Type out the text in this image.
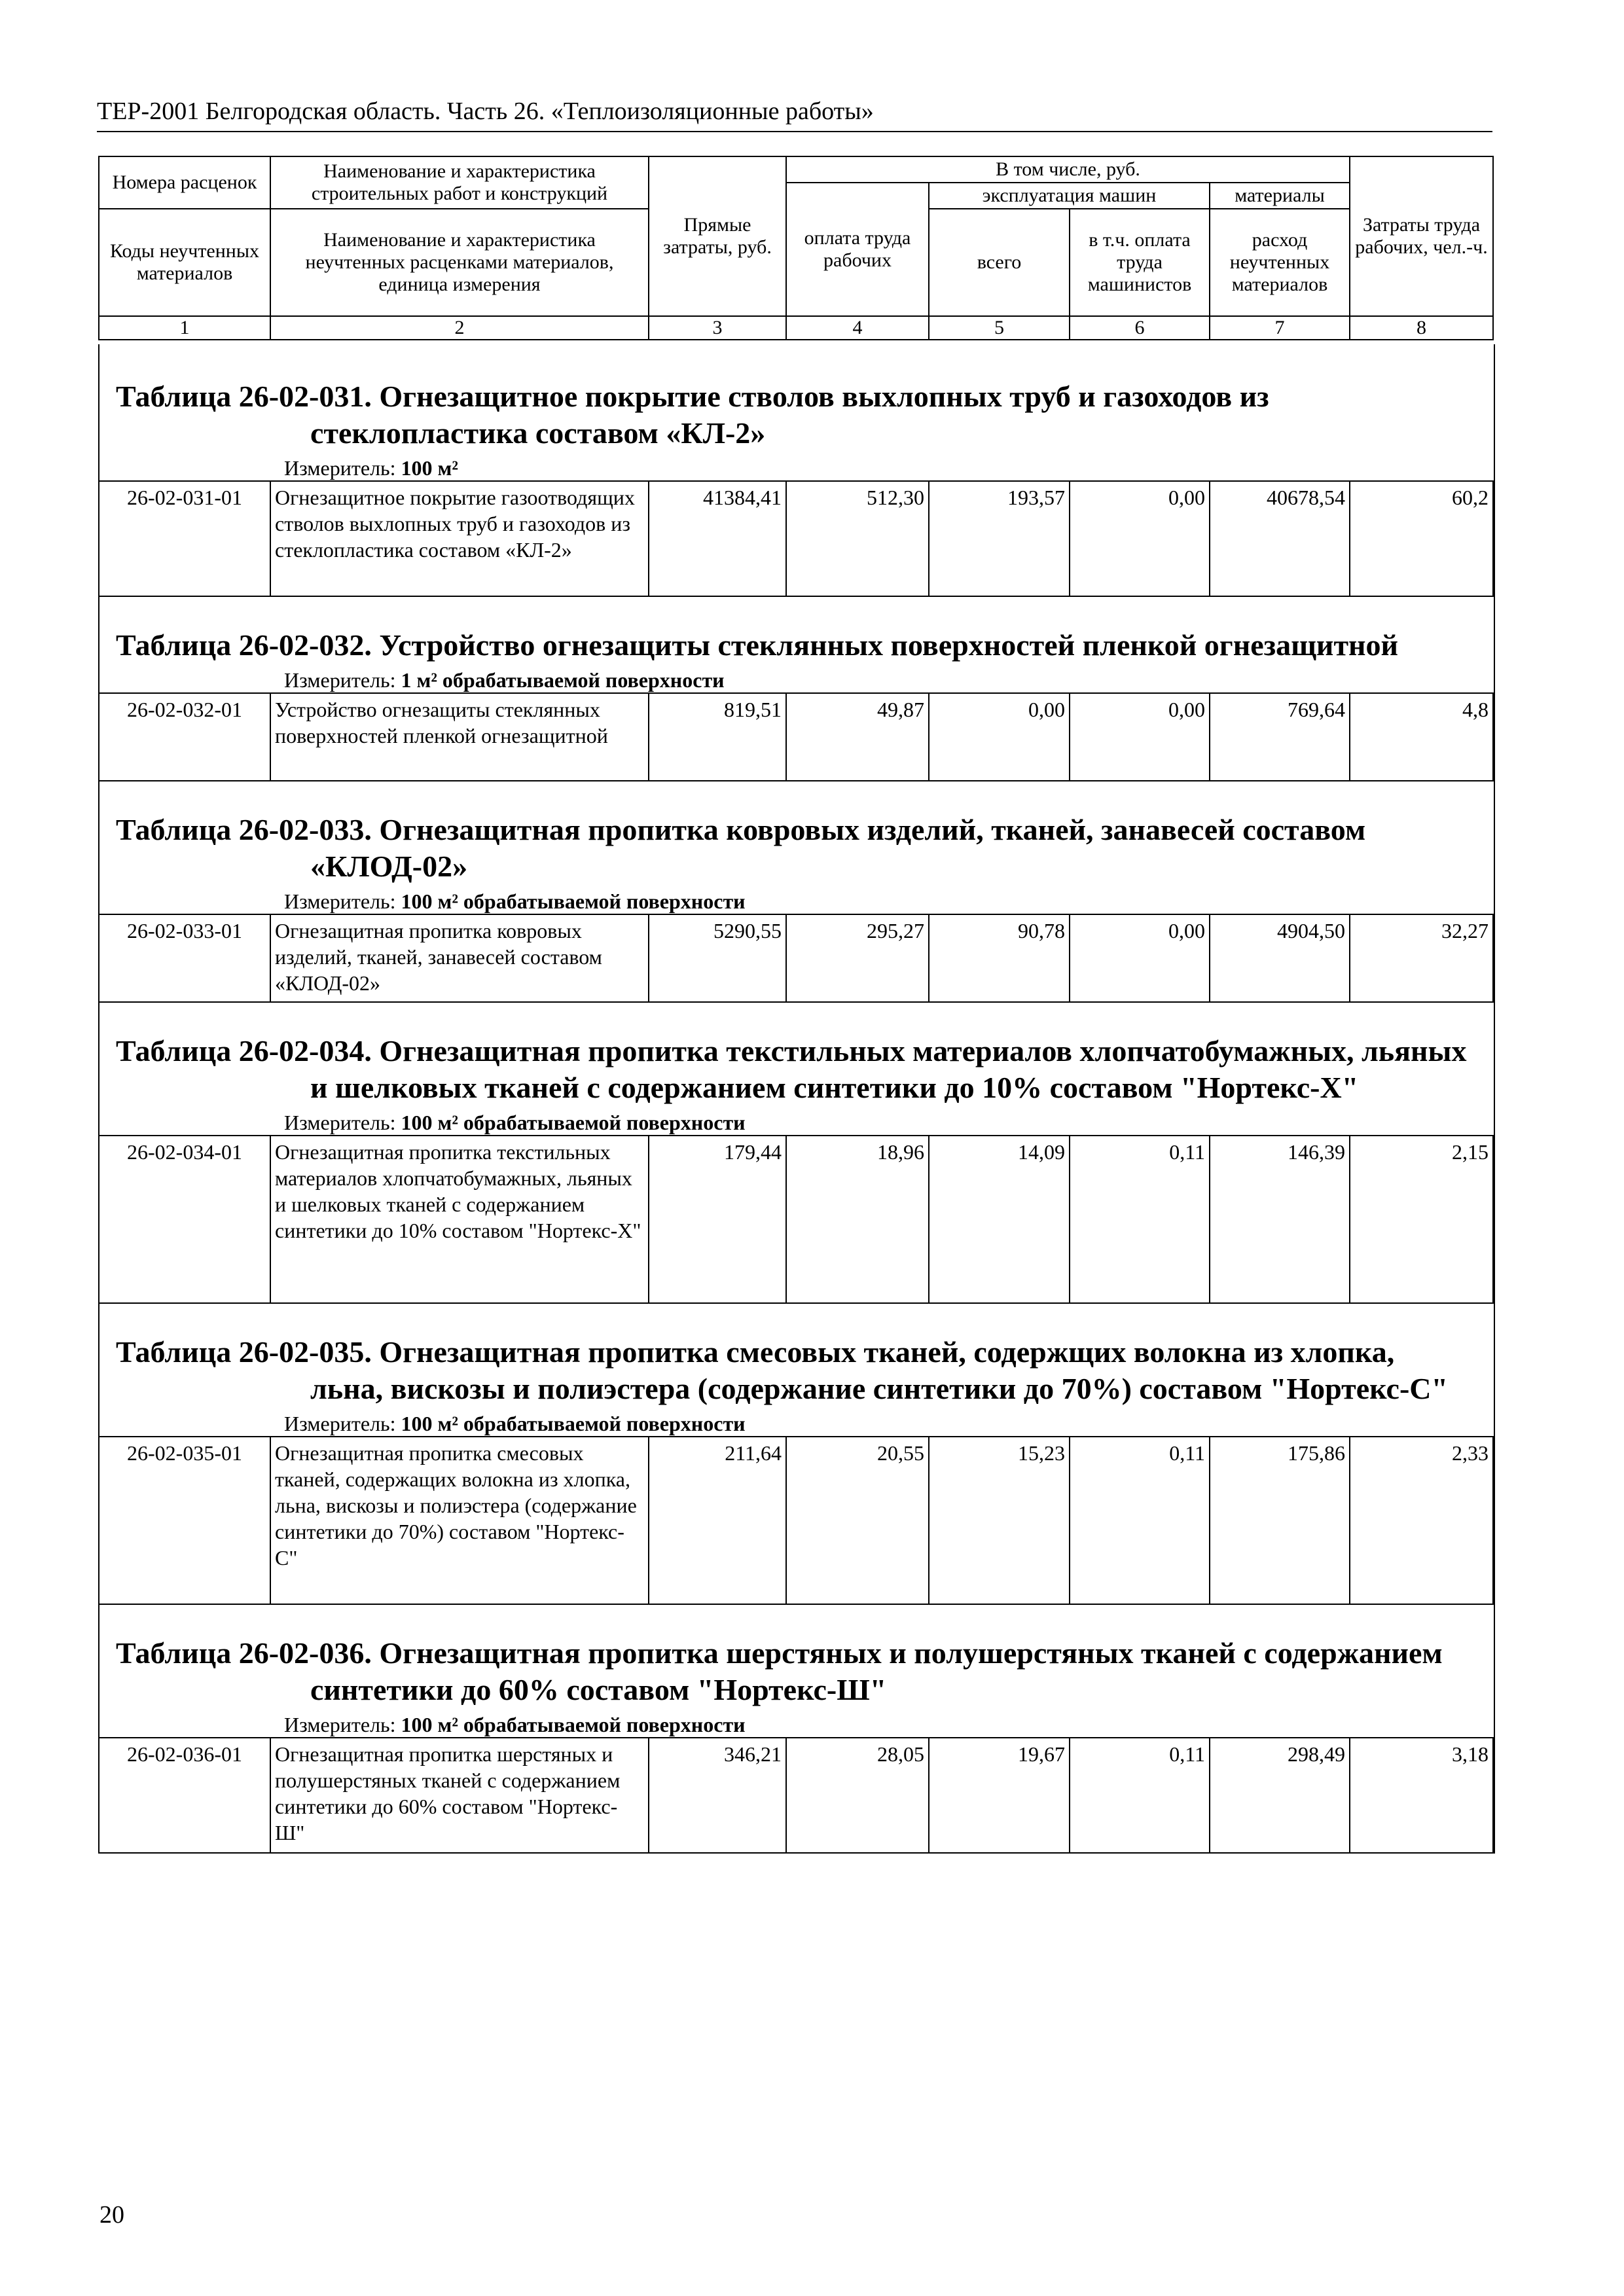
ТЕР-2001 Белгородская область. Часть 26. «Теплоизоляционные работы»
Номера расценок	Наименование и характеристика строительных работ и конструкций	Прямые затраты, руб.	В том числе, руб.				Затраты труда рабочих, чел.-ч.
			оплата труда рабочих	эксплуатация машин		материалы	
Коды неучтенных материалов	Наименование и характеристика неучтенных расценками материалов, единица измерения			всего	в т.ч. оплата труда машинистов	расход неучтенных материалов	

1	2	3	4	5	6	7	8
Таблица 26-02-031. Огнезащитное покрытие стволов выхлопных труб и газоходов из стеклопластика составом «КЛ-2»
Измеритель: 100 м²
26-02-031-01	Огнезащитное покрытие газоотводящих стволов выхлопных труб и газоходов из стеклопластика составом «КЛ-2»	41384,41	512,30	193,57	0,00	40678,54	60,2
Таблица 26-02-032. Устройство огнезащиты стеклянных поверхностей пленкой огнезащитной
Измеритель: 1 м² обрабатываемой поверхности
26-02-032-01	Устройство огнезащиты стеклянных поверхностей пленкой огнезащитной	819,51	49,87	0,00	0,00	769,64	4,8
Таблица 26-02-033. Огнезащитная пропитка ковровых изделий, тканей, занавесей составом «КЛОД-02»
Измеритель: 100 м² обрабатываемой поверхности
26-02-033-01	Огнезащитная пропитка ковровых изделий, тканей, занавесей составом «КЛОД-02»	5290,55	295,27	90,78	0,00	4904,50	32,27
Таблица 26-02-034. Огнезащитная пропитка текстильных материалов хлопчатобумажных, льяных и шелковых тканей с содержанием синтетики до 10% составом "Нортекс-Х"
Измеритель: 100 м² обрабатываемой поверхности
26-02-034-01	Огнезащитная пропитка текстильных материалов хлопчатобумажных, льяных и шелковых тканей с содержанием синтетики до 10% составом "Нортекс-Х"	179,44	18,96	14,09	0,11	146,39	2,15
Таблица 26-02-035. Огнезащитная пропитка смесовых тканей, содержщих волокна из хлопка, льна, вискозы и полиэстера (содержание синтетики до 70%) составом "Нортекс-С"
Измеритель: 100 м² обрабатываемой поверхности
26-02-035-01	Огнезащитная пропитка смесовых тканей, содержащих волокна из хлопка, льна, вискозы и полиэстера (содержание синтетики до 70%) составом "Нортекс-С"	211,64	20,55	15,23	0,11	175,86	2,33
Таблица 26-02-036. Огнезащитная пропитка шерстяных и полушерстяных тканей с содержанием синтетики до 60% составом "Нортекс-Ш"
Измеритель: 100 м² обрабатываемой поверхности
26-02-036-01	Огнезащитная пропитка шерстяных и полушерстяных тканей с содержанием синтетики до 60% составом "Нортекс-Ш"	346,21	28,05	19,67	0,11	298,49	3,18
20
